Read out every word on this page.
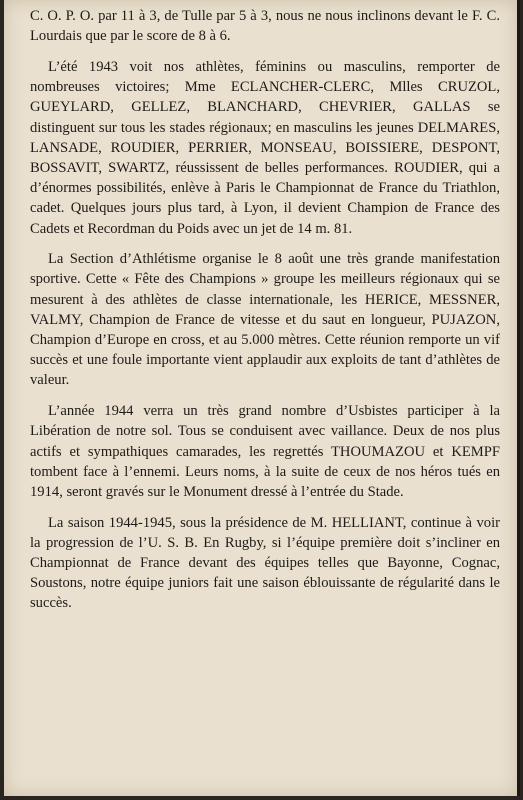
C. O. P. O. par 11 à 3, de Tulle par 5 à 3, nous ne nous inclinons devant le F. C. Lourdais que par le score de 8 à 6.

L’été 1943 voit nos athlètes, féminins ou masculins, remporter de nombreuses victoires; Mme ECLANCHER-CLERC, Mlles CRUZOL, GUEYLARD, GELLEZ, BLANCHARD, CHEVRIER, GALLAS se distinguent sur tous les stades régionaux; en masculins les jeunes DELMARES, LANSADE, ROUDIER, PERRIER, MONSEAU, BOISSIERE, DESPONT, BOSSAVIT, SWARTZ, réussissent de belles performances. ROUDIER, qui a d’énormes possibilités, enlève à Paris le Championnat de France du Triathlon, cadet. Quelques jours plus tard, à Lyon, il devient Champion de France des Cadets et Recordman du Poids avec un jet de 14 m. 81.

La Section d’Athlétisme organise le 8 août une très grande manifestation sportive. Cette « Fête des Champions » groupe les meilleurs régionaux qui se mesurent à des athlètes de classe internationale, les HERICE, MESSNER, VALMY, Champion de France de vitesse et du saut en longueur, PUJAZON, Champion d’Europe en cross, et au 5.000 mètres. Cette réunion remporte un vif succès et une foule importante vient applaudir aux exploits de tant d’athlètes de valeur.

L’année 1944 verra un très grand nombre d’Usbistes participer à la Libération de notre sol. Tous se conduisent avec vaillance. Deux de nos plus actifs et sympathiques camarades, les regrettés THOUMAZOU et KEMPF tombent face à l’ennemi. Leurs noms, à la suite de ceux de nos héros tués en 1914, seront gravés sur le Monument dressé à l’entrée du Stade.

La saison 1944-1945, sous la présidence de M. HELLIANT, continue à voir la progression de l’U. S. B. En Rugby, si l’équipe première doit s’incliner en Championnat de France devant des équipes telles que Bayonne, Cognac, Soustons, notre équipe juniors fait une saison éblouissante de régularité dans le succès.
